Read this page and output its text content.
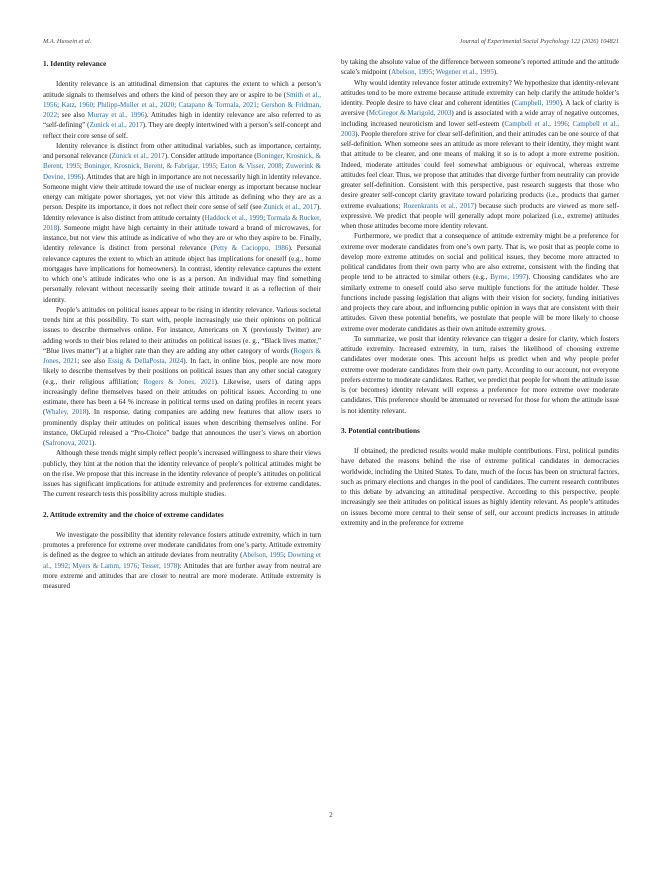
M.A. Hussein et al.	Journal of Experimental Social Psychology 122 (2026) 104821
1. Identity relevance

Identity relevance is an attitudinal dimension that captures the extent to which a person’s attitude signals to themselves and others the kind of person they are or aspire to be (Smith et al., 1956; Katz, 1960; Philipp-Muller et al., 2020; Catapano & Tormala, 2021; Gershon & Fridman, 2022; see also Murray et al., 1996). Attitudes high in identity relevance are also referred to as “self-defining” (Zunick et al., 2017). They are deeply intertwined with a person’s self-concept and reflect their core sense of self.

Identity relevance is distinct from other attitudinal variables, such as importance, certainty, and personal relevance (Zunick et al., 2017). Consider attitude importance (Boninger, Krosnick, & Berent, 1995; Boninger, Krosnick, Berent, & Fabrigar, 1995; Eaton & Visser, 2008; Zuwerink & Devine, 1996). Attitudes that are high in importance are not necessarily high in identity relevance. Someone might view their attitude toward the use of nuclear energy as important because nuclear energy can mitigate power shortages, yet not view this attitude as defining who they are as a person. Despite its importance, it does not reflect their core sense of self (see Zunick et al., 2017). Identity relevance is also distinct from attitude certainty (Haddock et al., 1999; Tormala & Rucker, 2018). Someone might have high certainty in their attitude toward a brand of microwaves, for instance, but not view this attitude as indicative of who they are or who they aspire to be. Finally, identity relevance is distinct from personal relevance (Petty & Cacioppo, 1986). Personal relevance captures the extent to which an attitude object has implications for oneself (e.g., home mortgages have implications for homeowners). In contrast, identity relevance captures the extent to which one’s attitude indicates who one is as a person. An individual may find something personally relevant without necessarily seeing their attitude toward it as a reflection of their identity.

People’s attitudes on political issues appear to be rising in identity relevance. Various societal trends hint at this possibility. To start with, people increasingly use their opinions on political issues to describe themselves online. For instance, Americans on X (previously Twitter) are adding words to their bios related to their attitudes on political issues (e. g., “Black lives matter,” “Blue lives matter”) at a higher rate than they are adding any other category of words (Rogers & Jones, 2021; see also Essig & DellaPosta, 2024). In fact, in online bios, people are now more likely to describe themselves by their positions on political issues than any other social category (e.g., their religious affiliation; Rogers & Jones, 2021). Likewise, users of dating apps increasingly define themselves based on their attitudes on political issues. According to one estimate, there has been a 64 % increase in political terms used on dating profiles in recent years (Whaley, 2018). In response, dating companies are adding new features that allow users to prominently display their attitudes on political issues when describing themselves online. For instance, OkCupid released a “Pro-Choice” badge that announces the user’s views on abortion (Safronova, 2021).

Although these trends might simply reflect people’s increased willingness to share their views publicly, they hint at the notion that the identity relevance of people’s political attitudes might be on the rise. We propose that this increase in the identity relevance of people’s attitudes on political issues has significant implications for attitude extremity and preferences for extreme candidates. The current research tests this possibility across multiple studies.

2. Attitude extremity and the choice of extreme candidates

We investigate the possibility that identity relevance fosters attitude extremity, which in turn promotes a preference for extreme over moderate candidates from one’s party. Attitude extremity is defined as the degree to which an attitude deviates from neutrality (Abelson, 1995; Downing et al., 1992; Myers & Lamm, 1976; Tesser, 1978): Attitudes that are further away from neutral are more extreme and attitudes that are closer to neutral are more moderate. Attitude extremity is measured

by taking the absolute value of the difference between someone’s reported attitude and the attitude scale’s midpoint (Abelson, 1995; Wegener et al., 1995).

Why would identity relevance foster attitude extremity? We hypothesize that identity-relevant attitudes tend to be more extreme because attitude extremity can help clarify the attitude holder’s identity. People desire to have clear and coherent identities (Campbell, 1990). A lack of clarity is aversive (McGregor & Marigold, 2003) and is associated with a wide array of negative outcomes, including increased neuroticism and lower self-esteem (Campbell et al., 1996; Campbell et al., 2003). People therefore strive for clear self-definition, and their attitudes can be one source of that self-definition. When someone sees an attitude as more relevant to their identity, they might want that attitude to be clearer, and one means of making it so is to adopt a more extreme position. Indeed, moderate attitudes could feel somewhat ambiguous or equivocal, whereas extreme attitudes feel clear. Thus, we propose that attitudes that diverge further from neutrality can provide greater self-definition. Consistent with this perspective, past research suggests that those who desire greater self-concept clarity gravitate toward polarizing products (i.e., products that garner extreme evaluations; Rozenkrants et al., 2017) because such products are viewed as more self-expressive. We predict that people will generally adopt more polarized (i.e., extreme) attitudes when those attitudes become more identity relevant.

Furthermore, we predict that a consequence of attitude extremity might be a preference for extreme over moderate candidates from one’s own party. That is, we posit that as people come to develop more extreme attitudes on social and political issues, they become more attracted to political candidates from their own party who are also extreme, consistent with the finding that people tend to be attracted to similar others (e.g., Byrne, 1997). Choosing candidates who are similarly extreme to oneself could also serve multiple functions for the attitude holder. These functions include passing legislation that aligns with their vision for society, funding initiatives and projects they care about, and influencing public opinion in ways that are consistent with their attitudes. Given these potential benefits, we postulate that people will be more likely to choose extreme over moderate candidates as their own attitude extremity grows.

To summarize, we posit that identity relevance can trigger a desire for clarity, which fosters attitude extremity. Increased extremity, in turn, raises the likelihood of choosing extreme candidates over moderate ones. This account helps us predict when and why people prefer extreme over moderate candidates from their own party. According to our account, not everyone prefers extreme to moderate candidates. Rather, we predict that people for whom the attitude issue is (or becomes) identity relevant will express a preference for more extreme over moderate candidates. This preference should be attenuated or reversed for those for whom the attitude issue is not identity relevant.

3. Potential contributions

If obtained, the predicted results would make multiple contributions. First, political pundits have debated the reasons behind the rise of extreme political candidates in democracies worldwide, including the United States. To date, much of the focus has been on structural factors, such as primary elections and changes in the pool of candidates. The current research contributes to this debate by advancing an attitudinal perspective. According to this perspective, people increasingly see their attitudes on political issues as highly identity relevant. As people’s attitudes on issues become more central to their sense of self, our account predicts increases in attitude extremity and in the preference for extreme

2
